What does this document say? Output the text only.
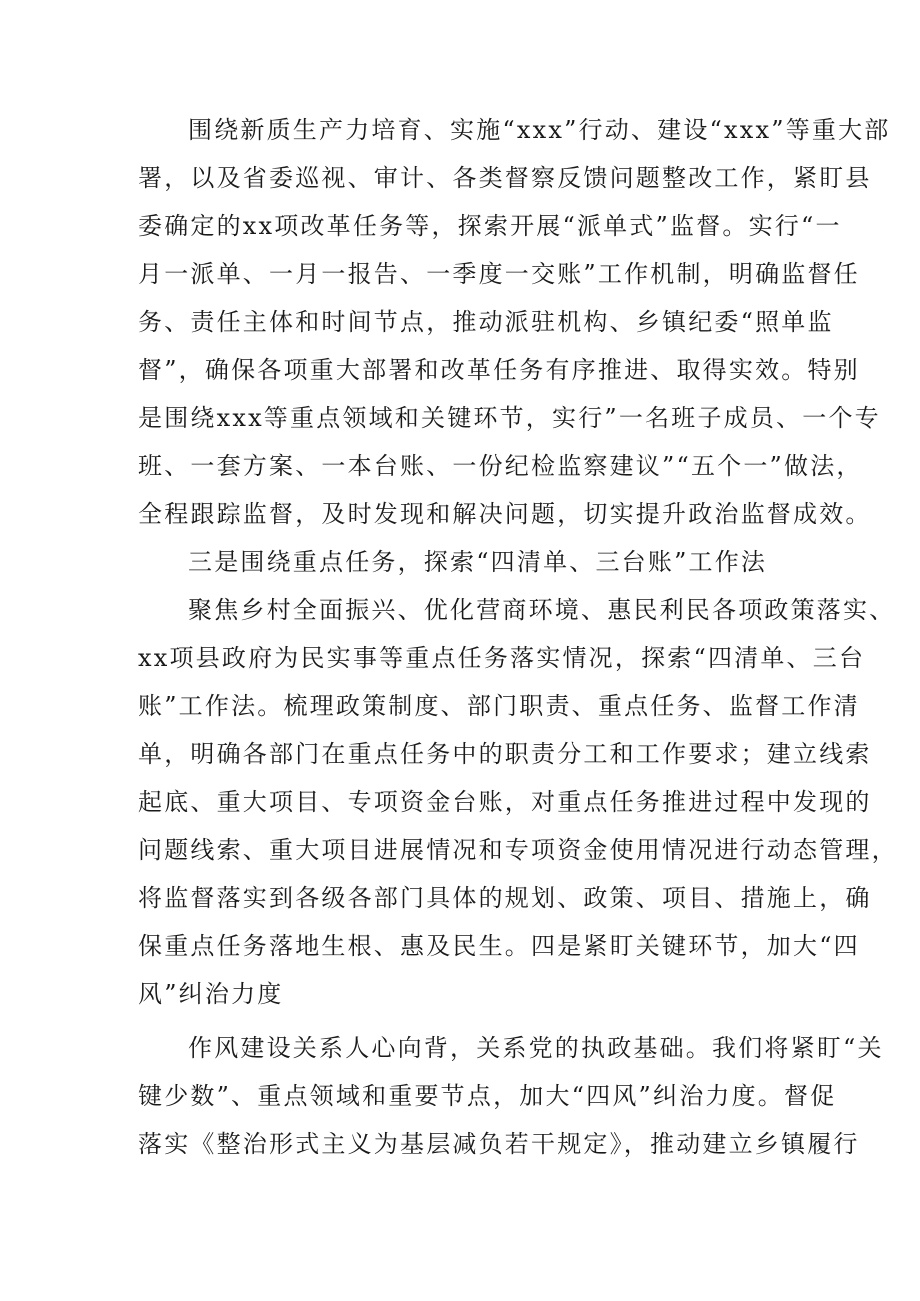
围绕新质生产力培育、实施“xxx”行动、建设“xxx”等重大部
署，以及省委巡视、审计、各类督察反馈问题整改工作，紧盯县
委确定的xx项改革任务等，探索开展“派单式”监督。实行“一
月一派单、一月一报告、一季度一交账”工作机制，明确监督任
务、责任主体和时间节点，推动派驻机构、乡镇纪委“照单监
督”，确保各项重大部署和改革任务有序推进、取得实效。特别
是围绕xxx等重点领域和关键环节，实行”一名班子成员、一个专
班、一套方案、一本台账、一份纪检监察建议”“五个一”做法，
全程跟踪监督，及时发现和解决问题，切实提升政治监督成效。
三是围绕重点任务，探索“四清单、三台账”工作法
聚焦乡村全面振兴、优化营商环境、惠民利民各项政策落实、
xx项县政府为民实事等重点任务落实情况，探索“四清单、三台
账”工作法。梳理政策制度、部门职责、重点任务、监督工作清
单，明确各部门在重点任务中的职责分工和工作要求；建立线索
起底、重大项目、专项资金台账，对重点任务推进过程中发现的
问题线索、重大项目进展情况和专项资金使用情况进行动态管理，
将监督落实到各级各部门具体的规划、政策、项目、措施上，确
保重点任务落地生根、惠及民生。四是紧盯关键环节，加大“四
风”纠治力度
作风建设关系人心向背，关系党的执政基础。我们将紧盯“关
键少数”、重点领域和重要节点，加大“四风”纠治力度。督促
落实《整治形式主义为基层减负若干规定》，推动建立乡镇履行
